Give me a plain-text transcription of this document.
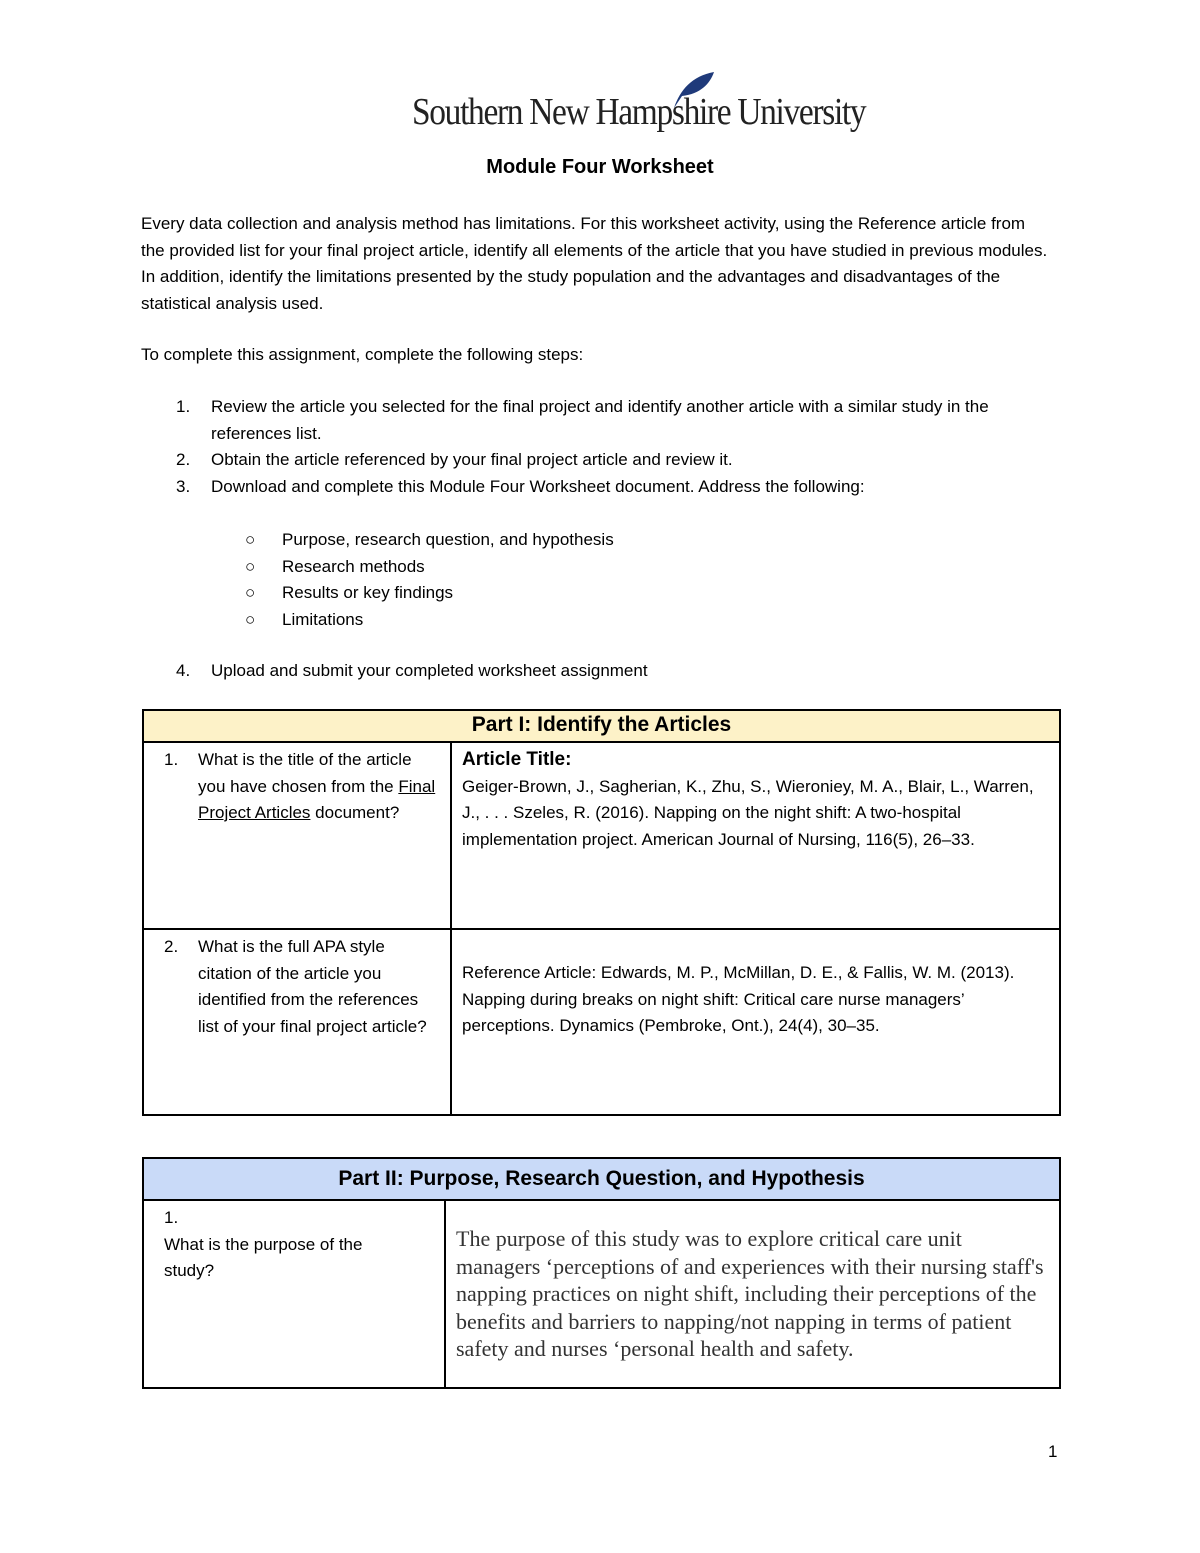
Southern New Hampshire University
Module Four Worksheet
Every data collection and analysis method has limitations. For this worksheet activity, using the Reference article from the provided list for your final project article, identify all elements of the article that you have studied in previous modules. In addition, identify the limitations presented by the study population and the advantages and disadvantages of the statistical analysis used.
To complete this assignment, complete the following steps:
1. Review the article you selected for the final project and identify another article with a similar study in the references list.
2. Obtain the article referenced by your final project article and review it.
3. Download and complete this Module Four Worksheet document. Address the following:
○ Purpose, research question, and hypothesis
○ Research methods
○ Results or key findings
○ Limitations
4. Upload and submit your completed worksheet assignment
Part I: Identify the Articles	
1. What is the title of the article you have chosen from the Final Project Articles document?	Article Title:
Geiger-Brown, J., Sagherian, K., Zhu, S., Wieroniey, M. A., Blair, L., Warren, J., . . . Szeles, R. (2016). Napping on the night shift: A two-hospital implementation project. American Journal of Nursing, 116(5), 26–33.
2. What is the full APA style citation of the article you identified from the references list of your final project article?	Reference Article: Edwards, M. P., McMillan, D. E., & Fallis, W. M. (2013). Napping during breaks on night shift: Critical care nurse managers’ perceptions. Dynamics (Pembroke, Ont.), 24(4), 30–35.
Part II: Purpose, Research Question, and Hypothesis
1.What is the purpose of the study?	The purpose of this study was to explore critical care unit managers ‘perceptions of and experiences with their nursing staff's napping practices on night shift, including their perceptions of the benefits and barriers to napping/not napping in terms of patient safety and nurses ‘personal health and safety.
1
